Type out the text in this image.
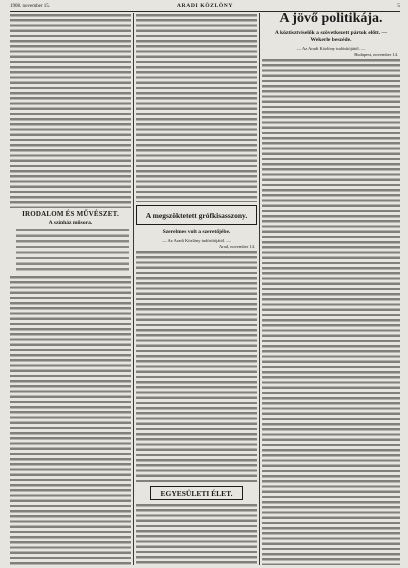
1908. november 15.	ARADI KÖZLÖNY	5
IRODALOM ÉS MŰVÉSZET.
A színház műsora.
A megszöktetett grófkisasszony.
Szerelmes volt a szeretőjébe.
— Az Aradi Közlöny tudósítójától. —
Arad, november 14.
EGYESÜLETI ÉLET.
A jövő politikája.
A köztisztviselők a szövetkezett pártok előtt. — Wekerle beszéde.
— Az Aradi Közlöny tudósítójától. —
Budapest, november 14.
